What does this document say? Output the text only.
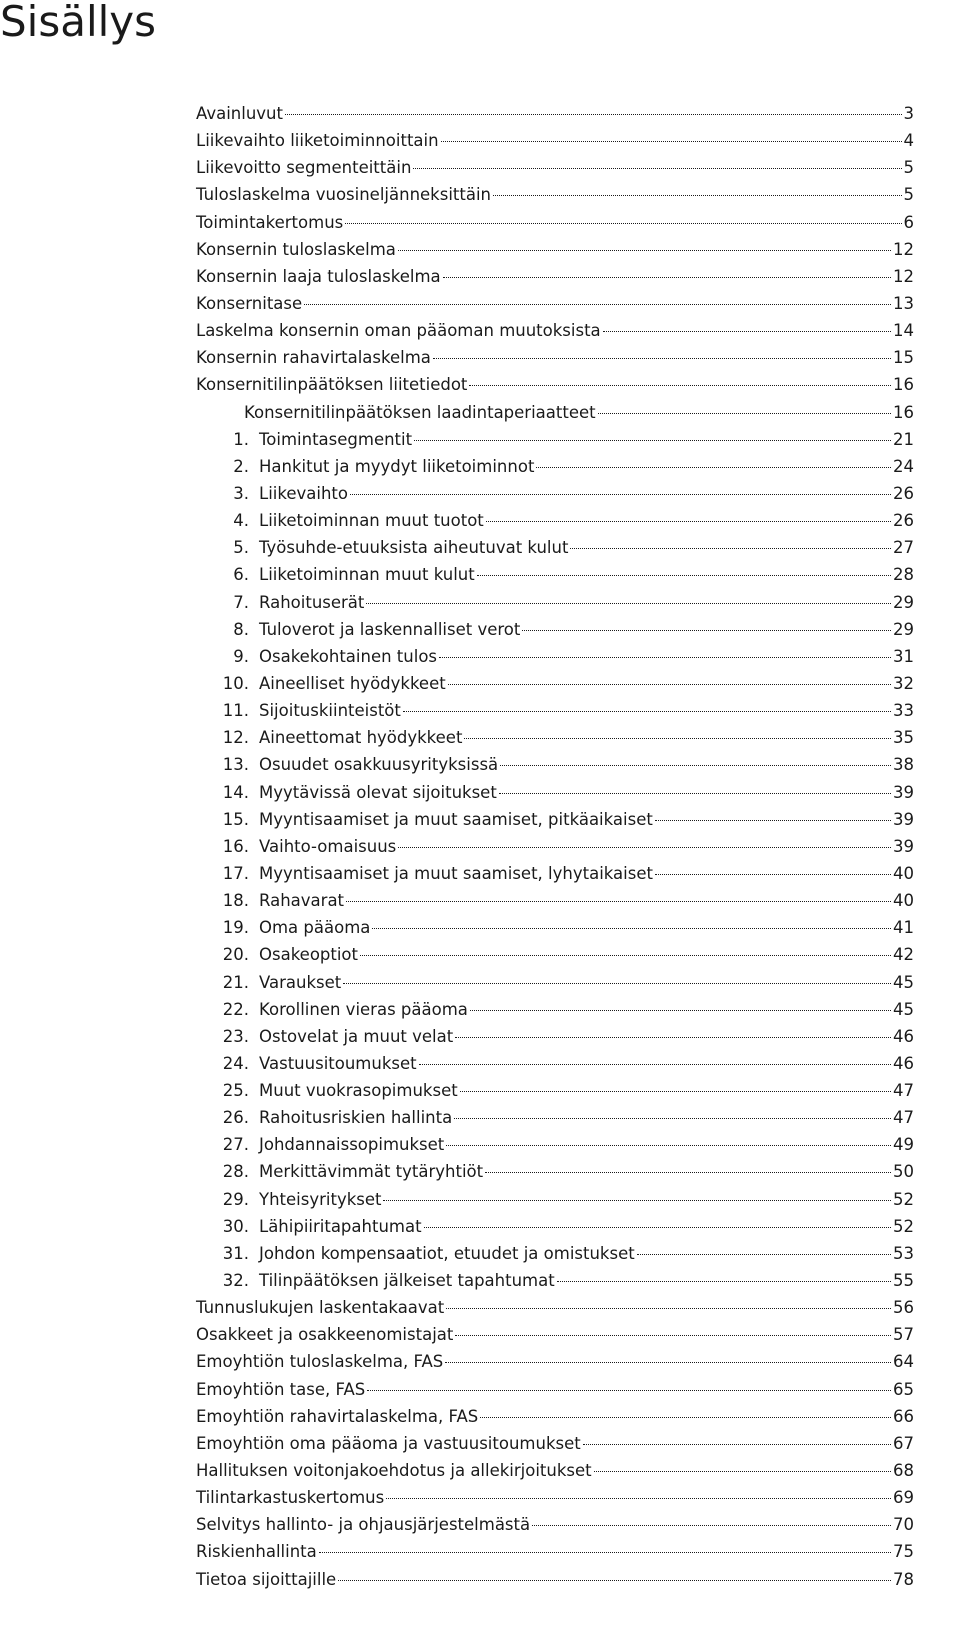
Sisällys
Avainluvut	3
Liikevaihto liiketoiminnoittain	4
Liikevoitto segmenteittäin	5
Tuloslaskelma vuosineljänneksittäin	5
Toimintakertomus	6
Konsernin tuloslaskelma	12
Konsernin laaja tuloslaskelma	12
Konsernitase	13
Laskelma konsernin oman pääoman muutoksista	14
Konsernin rahavirtalaskelma	15
Konsernitilinpäätöksen liitetiedot	16
Konsernitilinpäätöksen laadintaperiaatteet	16
1. Toimintasegmentit	21
2. Hankitut ja myydyt liiketoiminnot	24
3. Liikevaihto	26
4. Liiketoiminnan muut tuotot	26
5. Työsuhde-etuuksista aiheutuvat kulut	27
6. Liiketoiminnan muut kulut	28
7. Rahoituserät	29
8. Tuloverot ja laskennalliset verot	29
9. Osakekohtainen tulos	31
10. Aineelliset hyödykkeet	32
11. Sijoituskiinteistöt	33
12. Aineettomat hyödykkeet	35
13. Osuudet osakkuusyrityksissä	38
14. Myytävissä olevat sijoitukset	39
15. Myyntisaamiset ja muut saamiset, pitkäaikaiset	39
16. Vaihto-omaisuus	39
17. Myyntisaamiset ja muut saamiset, lyhytaikaiset	40
18. Rahavarat	40
19. Oma pääoma	41
20. Osakeoptiot	42
21. Varaukset	45
22. Korollinen vieras pääoma	45
23. Ostovelat ja muut velat	46
24. Vastuusitoumukset	46
25. Muut vuokrasopimukset	47
26. Rahoitusriskien hallinta	47
27. Johdannaissopimukset	49
28. Merkittävimmät tytäryhtiöt	50
29. Yhteisyritykset	52
30. Lähipiiritapahtumat	52
31. Johdon kompensaatiot, etuudet ja omistukset	53
32. Tilinpäätöksen jälkeiset tapahtumat	55
Tunnuslukujen laskentakaavat	56
Osakkeet ja osakkeenomistajat	57
Emoyhtiön tuloslaskelma, FAS	64
Emoyhtiön tase, FAS	65
Emoyhtiön rahavirtalaskelma, FAS	66
Emoyhtiön oma pääoma ja vastuusitoumukset	67
Hallituksen voitonjakoehdotus ja allekirjoitukset	68
Tilintarkastuskertomus	69
Selvitys hallinto- ja ohjausjärjestelmästä	70
Riskienhallinta	75
Tietoa sijoittajille	78
